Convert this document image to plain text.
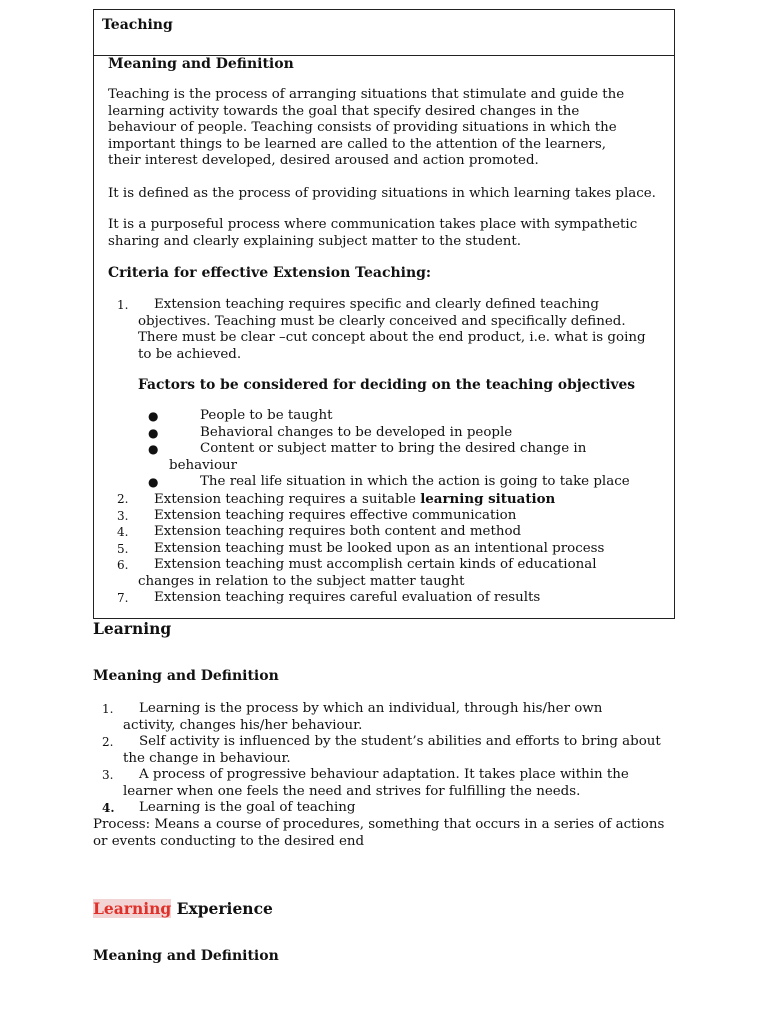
Teaching
Meaning and Definition

Teaching is the process of arranging situations that stimulate and guide the learning activity towards the goal that specify desired changes in the behaviour of people. Teaching consists of providing situations in which the important things to be learned are called to the attention of the learners, their interest developed, desired aroused and action promoted.

It is defined as the process of providing situations in which learning takes place.

It is a purposeful process where communication takes place with sympathetic sharing and clearly explaining subject matter to the student.

Criteria for effective Extension Teaching:
1. Extension teaching requires specific and clearly defined teaching objectives. Teaching must be clearly conceived and specifically defined. There must be clear –cut concept about the end product, i.e. what is going to be achieved.
Factors to be considered for deciding on the teaching objectives
●	People to be taught
●	Behavioral changes to be developed in people
●	Content or subject matter to bring the desired change in behaviour
●	The real life situation in which the action is going to take place
2. Extension teaching requires a suitable learning situation
3. Extension teaching requires effective communication
4. Extension teaching requires both content and method
5. Extension teaching must be looked upon as an intentional process
6. Extension teaching must accomplish certain kinds of educational changes in relation to the subject matter taught
7. Extension teaching requires careful evaluation of results
Learning
Meaning and Definition
1. Learning is the process by which an individual, through his/her own activity, changes his/her behaviour.
2. Self activity is influenced by the student’s abilities and efforts to bring about the change in behaviour.
3. A process of progressive behaviour adaptation. It takes place within the learner when one feels the need and strives for fulfilling the needs.
4. Learning is the goal of teaching

Process: Means a course of procedures, something that occurs in a series of actions or events conducting to the desired end

Learning Experience
Meaning and Definition
